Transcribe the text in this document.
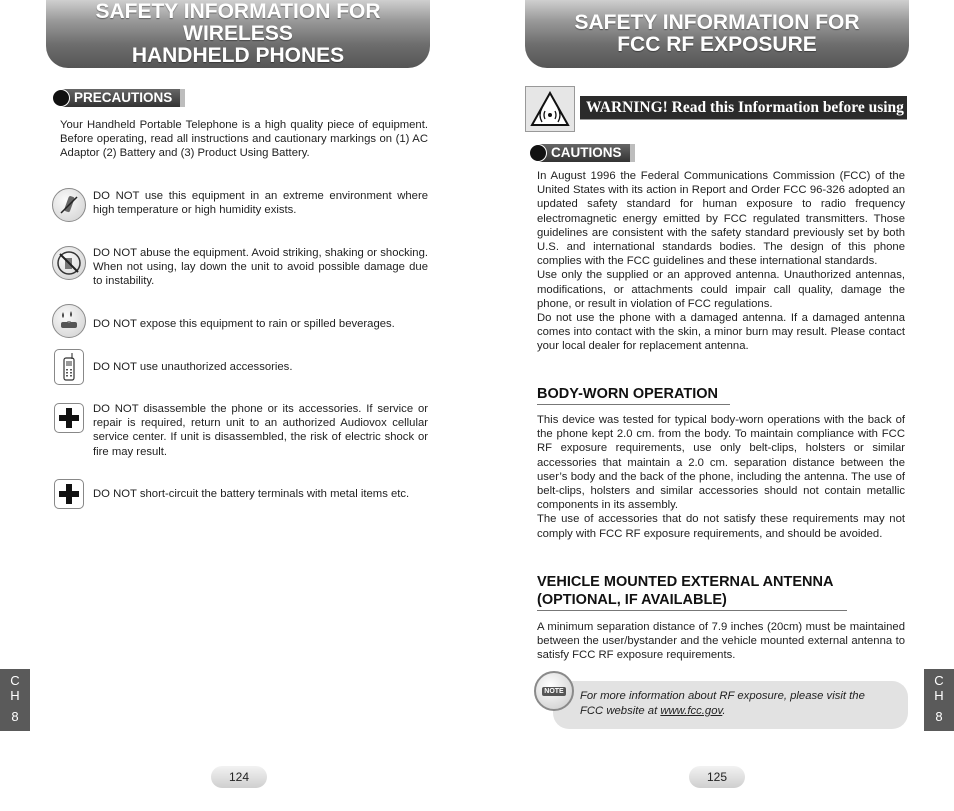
SAFETY INFORMATION FOR WIRELESS
HANDHELD PHONES
PRECAUTIONS

Your Handheld Portable Telephone is a high quality piece of equipment. Before operating, read all instructions and cautionary markings on (1) AC Adaptor (2) Battery and (3) Product Using Battery.

DO NOT use this equipment in an extreme environment where high temperature or high humidity exists.

DO NOT abuse the equipment. Avoid striking, shaking or shocking. When not using, lay down the unit to avoid possible damage due to instability.

DO NOT expose this equipment to rain or spilled beverages.

DO NOT use unauthorized accessories.

DO NOT disassemble the phone or its accessories. If service or repair is required, return unit to an authorized Audiovox cellular service center. If unit is disassembled, the risk of electric shock or fire may result.

DO NOT short-circuit the battery terminals with metal items etc.

C
H
8
124
SAFETY INFORMATION FOR
FCC RF EXPOSURE
WARNING! Read this Information before using
CAUTIONS

In August 1996 the Federal Communications Commission (FCC) of the United States with its action in Report and Order FCC 96-326 adopted an updated safety standard for human exposure to radio frequency electromagnetic energy emitted by FCC regulated transmitters. Those guidelines are consistent with the safety standard previously set by both U.S. and international standards bodies. The design of this phone complies with the FCC guidelines and these international standards.

Use only the supplied or an approved antenna. Unauthorized antennas, modifications, or attachments could impair call quality, damage the phone, or result in violation of FCC regulations.

Do not use the phone with a damaged antenna. If a damaged antenna comes into contact with the skin, a minor burn may result. Please contact your local dealer for replacement antenna.

BODY-WORN OPERATION

This device was tested for typical body-worn operations with the back of the phone kept 2.0 cm. from the body. To maintain compliance with FCC RF exposure requirements, use only belt-clips, holsters or similar accessories that maintain a 2.0 cm. separation distance between the user’s body and the back of the phone, including the antenna. The use of belt-clips, holsters and similar accessories should not contain metallic components in its assembly.

The use of accessories that do not satisfy these requirements may not comply with FCC RF exposure requirements, and should be avoided.

VEHICLE MOUNTED EXTERNAL ANTENNA
(OPTIONAL, IF AVAILABLE)

A minimum separation distance of 7.9 inches (20cm) must be maintained between the user/bystander and the vehicle mounted external antenna to satisfy FCC RF exposure requirements.

NOTE For more information about RF exposure, please visit the FCC website at www.fcc.gov.

C
H
8
125
